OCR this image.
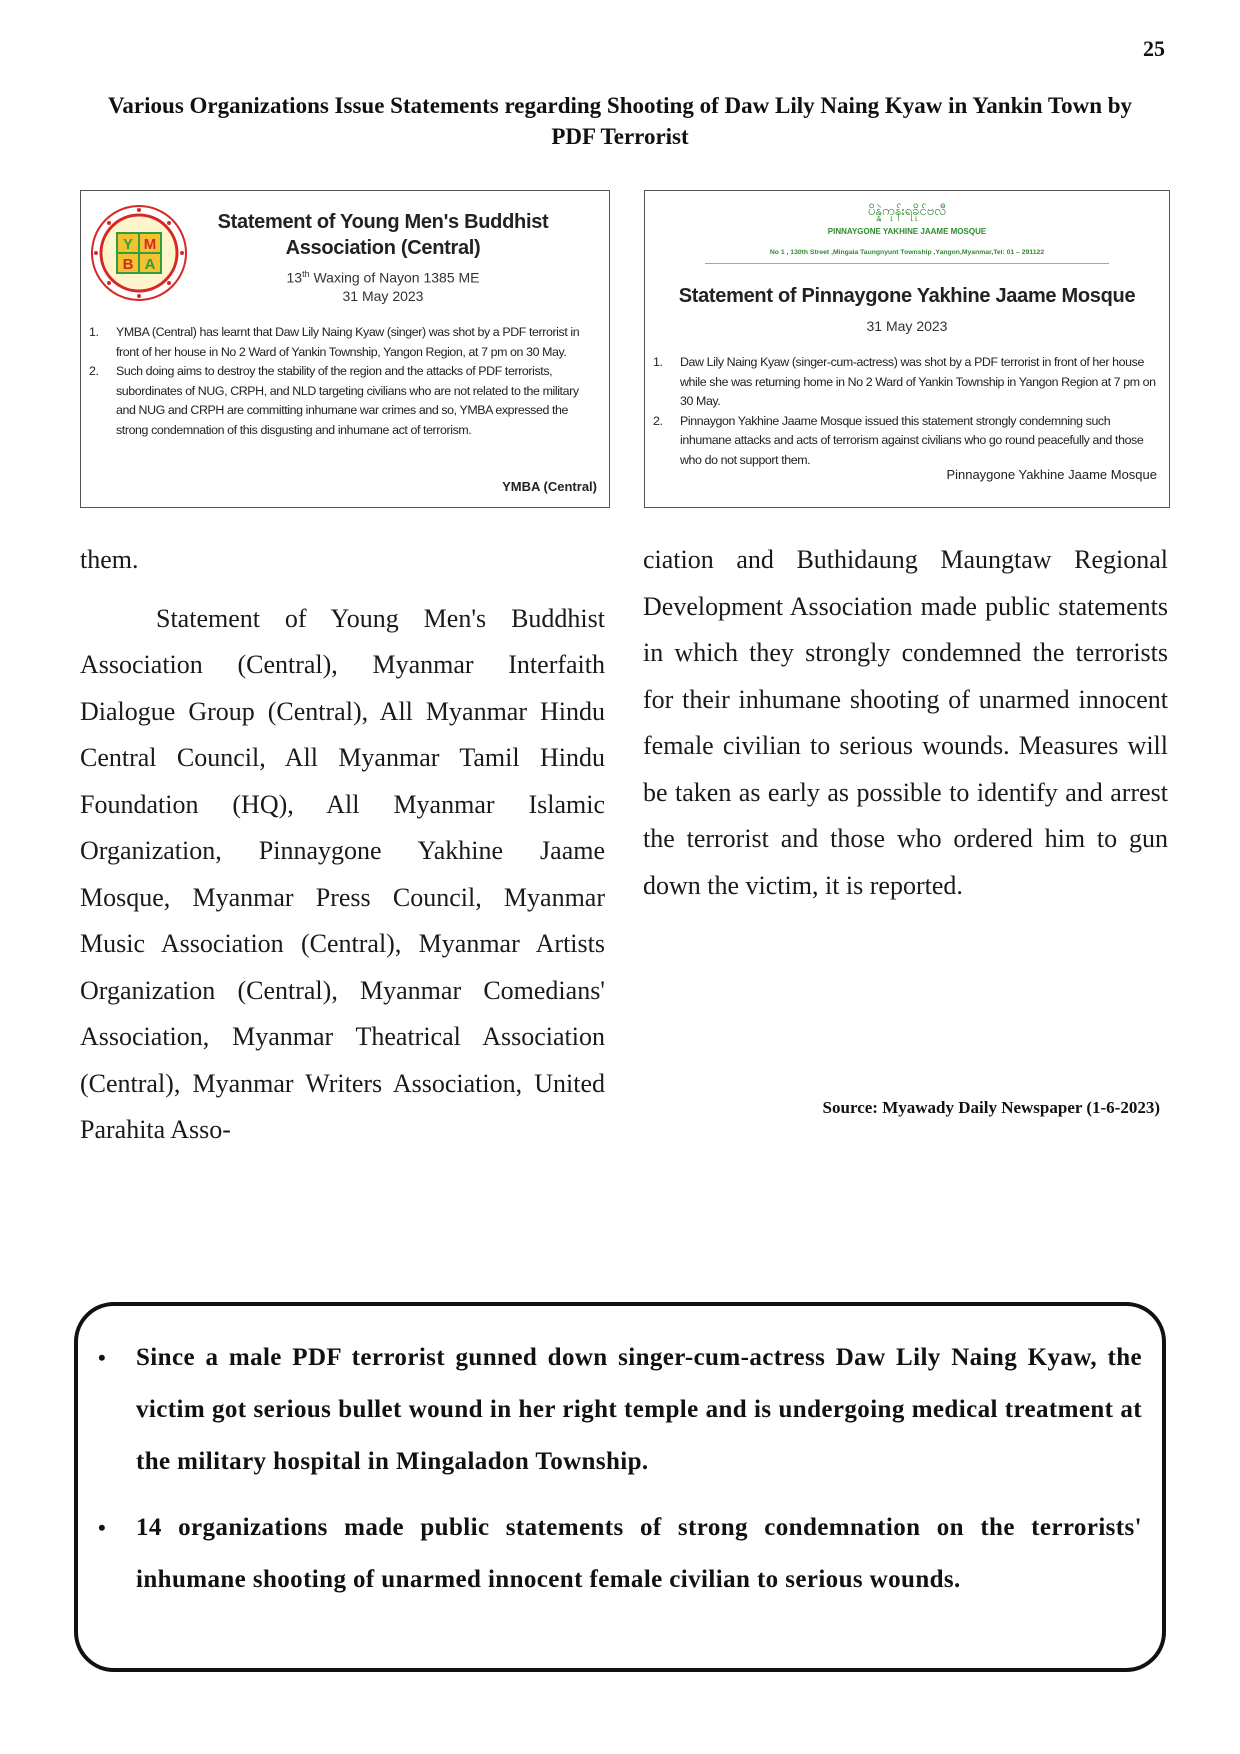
25
Various Organizations Issue Statements regarding Shooting of Daw Lily Naing Kyaw in Yankin Town by PDF Terrorist
Y M
B A
Statement of Young Men's Buddhist Association (Central)
13th Waxing of Nayon 1385 ME
31 May 2023
1. YMBA (Central) has learnt that Daw Lily Naing Kyaw (singer) was shot by a PDF terrorist in front of her house in No 2 Ward of Yankin Township, Yangon Region, at 7 pm on 30 May.
2. Such doing aims to destroy the stability of the region and the attacks of PDF terrorists, subordinates of NUG, CRPH, and NLD targeting civilians who are not related to the military and NUG and CRPH are committing inhumane war crimes and so, YMBA expressed the strong condemnation of this disgusting and inhumane act of terrorism.
YMBA (Central)
ပိန္နဲကုန်းရခိုင်ဗလီ
PINNAYGONE YAKHINE JAAME MOSQUE
No 1 , 130th Street ,Mingala Taungnyunt Township ,Yangon,Myanmar,Tel: 01 – 291122
Statement of Pinnaygone Yakhine Jaame Mosque
31 May 2023
1. Daw Lily Naing Kyaw (singer-cum-actress) was shot by a PDF terrorist in front of her house while she was returning home in No 2 Ward of Yankin Township in Yangon Region at 7 pm on 30 May.
2. Pinnaygon Yakhine Jaame Mosque issued this statement strongly condemning such inhumane attacks and acts of terrorism against civilians who go round peacefully and those who do not support them.
Pinnaygone Yakhine Jaame Mosque

them.

Statement of Young Men's Buddhist Association (Central), Myanmar Interfaith Dialogue Group (Central), All Myanmar Hindu Central Council, All Myanmar Tamil Hindu Foundation (HQ), All Myanmar Islamic Organization, Pinnaygone Yakhine Jaame Mosque, Myanmar Press Council, Myanmar Music Association (Central), Myanmar Artists Organization (Central), Myanmar Comedians' Association, Myanmar Theatrical Association (Central), Myanmar Writers Association, United Parahita Asso-

ciation and Buthidaung Maungtaw Regional Development Association made public statements in which they strongly condemned the terrorists for their inhumane shooting of unarmed innocent female civilian to serious wounds. Measures will be taken as early as possible to identify and arrest the terrorist and those who ordered him to gun down the victim, it is reported.

Source: Myawady Daily Newspaper (1-6-2023)
• Since a male PDF terrorist gunned down singer-cum-actress Daw Lily Naing Kyaw, the victim got serious bullet wound in her right temple and is undergoing medical treatment at the military hospital in Mingaladon Township.
• 14 organizations made public statements of strong condemnation on the terrorists' inhumane shooting of unarmed innocent female civilian to serious wounds.
